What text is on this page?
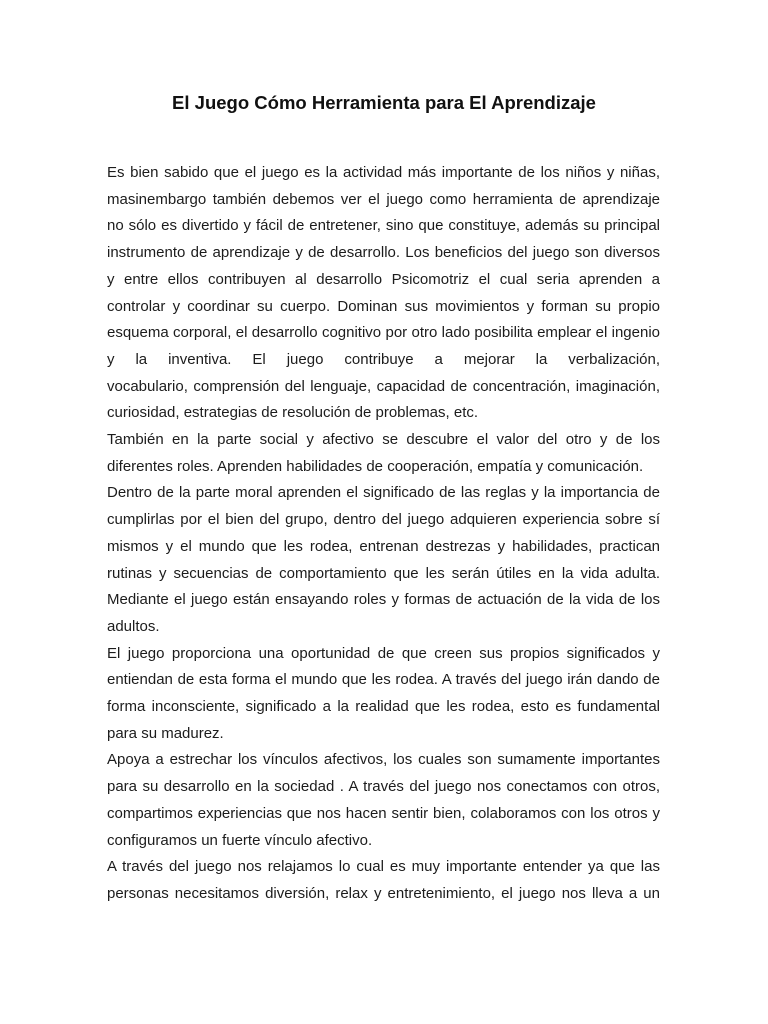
El Juego Cómo Herramienta para El Aprendizaje

Es bien sabido que el juego es la actividad más importante de los niños y niñas,
masinembargo también debemos ver el juego como herramienta de aprendizaje
no sólo es divertido y fácil de entretener, sino que constituye, además su principal
instrumento de aprendizaje y de desarrollo. Los beneficios del juego son diversos
y entre ellos contribuyen al desarrollo Psicomotriz el cual seria aprenden a
controlar y coordinar su cuerpo. Dominan sus movimientos y forman su propio
esquema corporal, el desarrollo cognitivo por otro lado posibilita emplear el ingenio
y la inventiva. El juego contribuye a mejorar la verbalización,
vocabulario, comprensión del lenguaje, capacidad de concentración, imaginación,
curiosidad, estrategias de resolución de problemas, etc.

También en la parte social y afectivo se descubre el valor del otro y de los
diferentes roles. Aprenden habilidades de cooperación, empatía y comunicación.

Dentro de la parte moral aprenden el significado de las reglas y la importancia de
cumplirlas por el bien del grupo, dentro del juego adquieren experiencia sobre sí
mismos y el mundo que les rodea, entrenan destrezas y habilidades, practican
rutinas y secuencias de comportamiento que les serán útiles en la vida adulta.
Mediante el juego están ensayando roles y formas de actuación de la vida de los
adultos.

El juego proporciona una oportunidad de que creen sus propios significados y
entiendan de esta forma el mundo que les rodea. A través del juego irán dando de
forma inconsciente, significado a la realidad que les rodea, esto es fundamental
para su madurez.

Apoya a estrechar los vínculos afectivos, los cuales son sumamente importantes
para su desarrollo en la sociedad . A través del juego nos conectamos con otros,
compartimos experiencias que nos hacen sentir bien, colaboramos con los otros y
configuramos un fuerte vínculo afectivo.

A través del juego nos relajamos lo cual es muy importante entender ya que las
personas necesitamos diversión, relax y entretenimiento, el juego nos lleva a un
